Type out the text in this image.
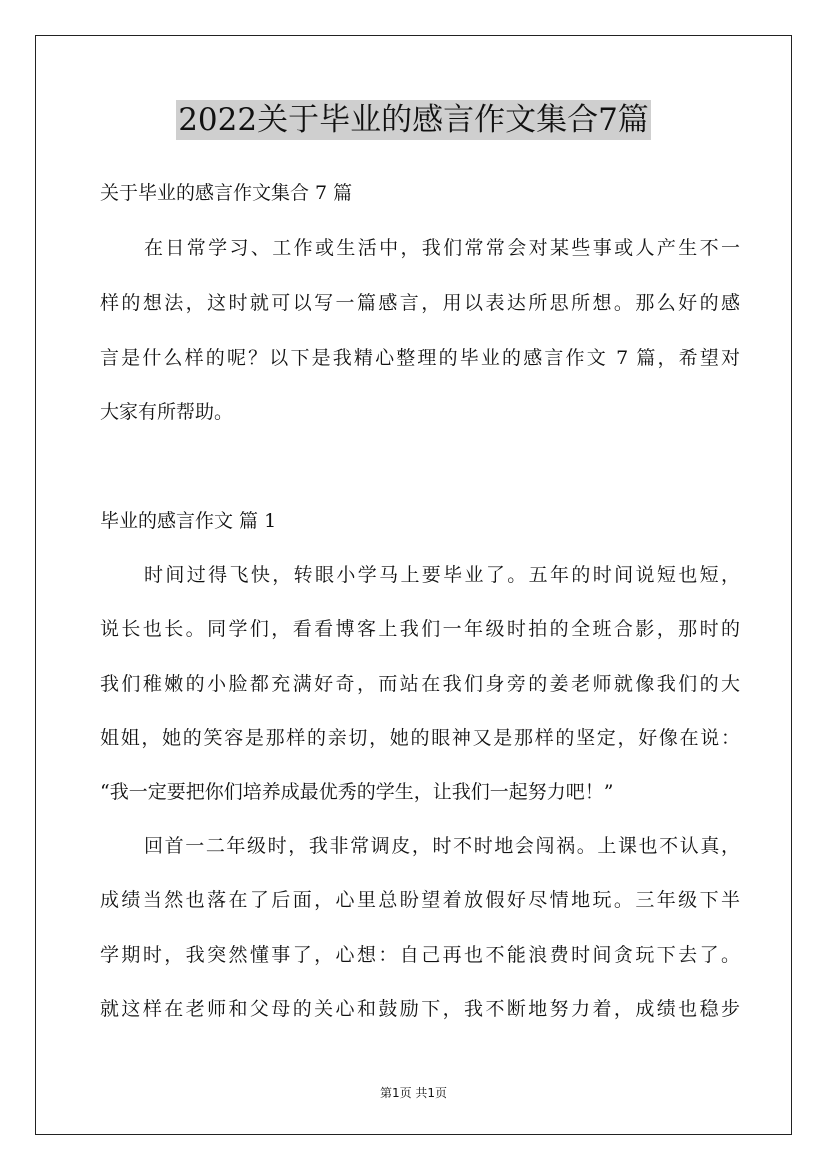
2022关于毕业的感言作文集合7篇
关于毕业的感言作文集合 7 篇
在日常学习、工作或生活中，我们常常会对某些事或人产生不一
样的想法，这时就可以写一篇感言，用以表达所思所想。那么好的感
言是什么样的呢？以下是我精心整理的毕业的感言作文 7 篇，希望对
大家有所帮助。
毕业的感言作文 篇 1
时间过得飞快，转眼小学马上要毕业了。五年的时间说短也短，
说长也长。同学们，看看博客上我们一年级时拍的全班合影，那时的
我们稚嫩的小脸都充满好奇，而站在我们身旁的姜老师就像我们的大
姐姐，她的笑容是那样的亲切，她的眼神又是那样的坚定，好像在说：
“我一定要把你们培养成最优秀的学生，让我们一起努力吧！”
回首一二年级时，我非常调皮，时不时地会闯祸。上课也不认真，
成绩当然也落在了后面，心里总盼望着放假好尽情地玩。三年级下半
学期时，我突然懂事了，心想：自己再也不能浪费时间贪玩下去了。
就这样在老师和父母的关心和鼓励下，我不断地努力着，成绩也稳步
第1页 共1页
